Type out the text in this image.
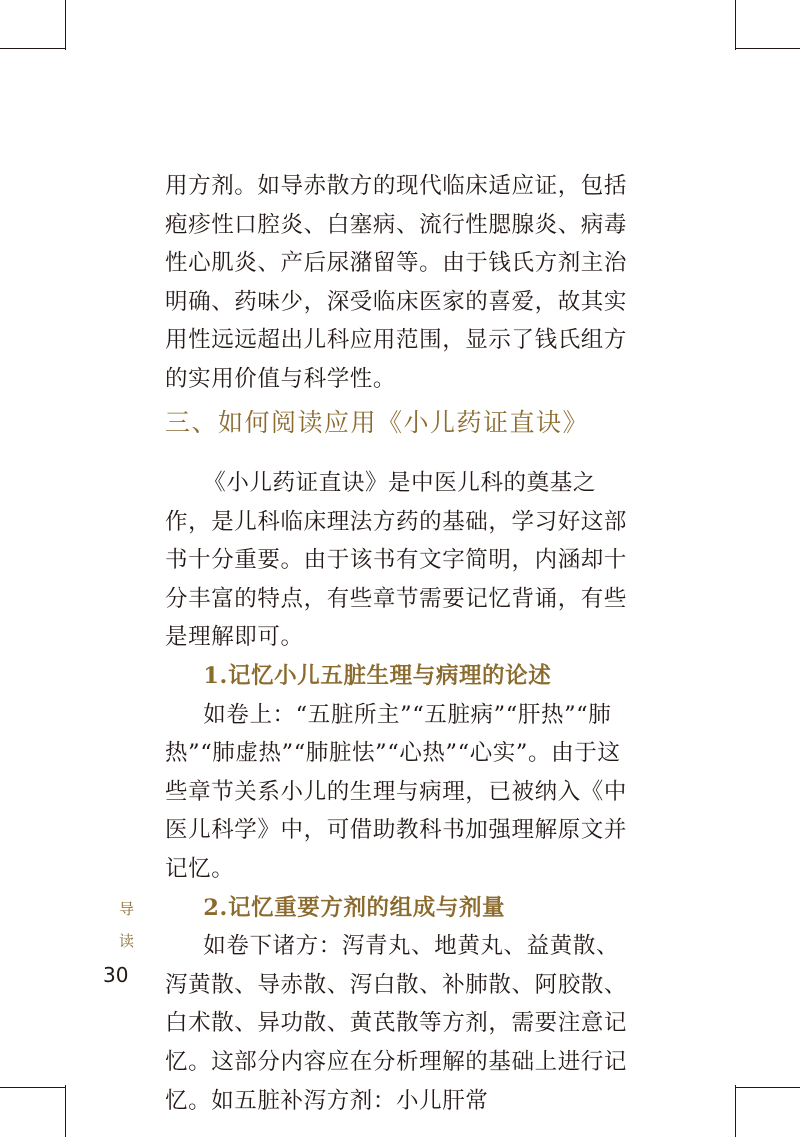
用方剂。如导赤散方的现代临床适应证，包括疱疹性口腔炎、白塞病、流行性腮腺炎、病毒性心肌炎、产后尿潴留等。由于钱氏方剂主治明确、药味少，深受临床医家的喜爱，故其实用性远远超出儿科应用范围，显示了钱氏组方的实用价值与科学性。

三、如何阅读应用《小儿药证直诀》

《小儿药证直诀》是中医儿科的奠基之作，是儿科临床理法方药的基础，学习好这部书十分重要。由于该书有文字简明，内涵却十分丰富的特点，有些章节需要记忆背诵，有些是理解即可。

1.记忆小儿五脏生理与病理的论述

如卷上：“五脏所主”“五脏病”“肝热”“肺热”“肺虚热”“肺脏怯”“心热”“心实”。由于这些章节关系小儿的生理与病理，已被纳入《中医儿科学》中，可借助教科书加强理解原文并记忆。

2.记忆重要方剂的组成与剂量

如卷下诸方：泻青丸、地黄丸、益黄散、泻黄散、导赤散、泻白散、补肺散、阿胶散、白术散、异功散、黄芪散等方剂，需要注意记忆。这部分内容应在分析理解的基础上进行记忆。如五脏补泻方剂：小儿肝常

导
读
30
